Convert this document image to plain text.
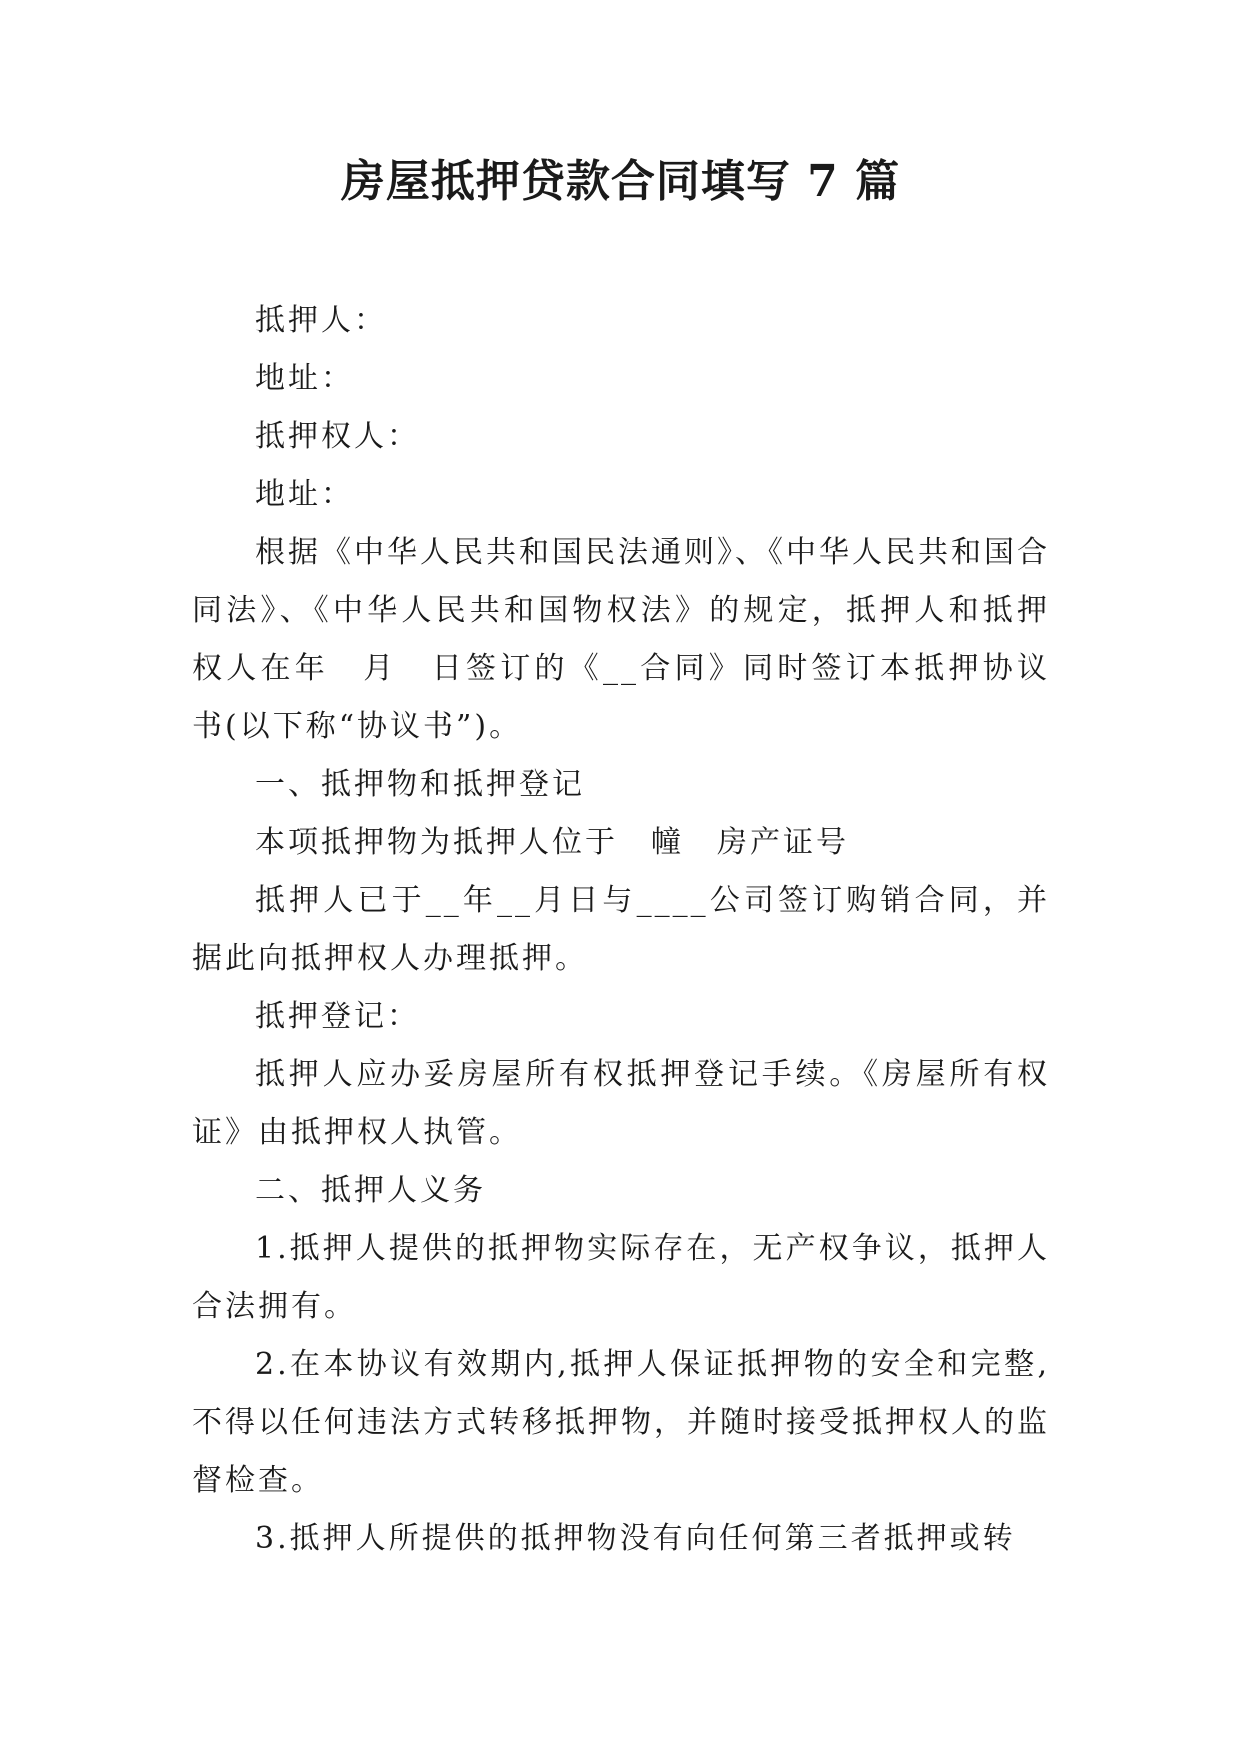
房屋抵押贷款合同填写 7 篇

抵押人：

地址：

抵押权人：

地址：

根据《中华人民共和国民法通则》、《中华人民共和国合同法》、《中华人民共和国物权法》的规定，抵押人和抵押权人在年　月　日签订的《__合同》同时签订本抵押协议书(以下称“协议书”)。

一、抵押物和抵押登记

本项抵押物为抵押人位于　幢　房产证号

抵押人已于__年__月日与____公司签订购销合同，并据此向抵押权人办理抵押。

抵押登记：

抵押人应办妥房屋所有权抵押登记手续。《房屋所有权证》由抵押权人执管。

二、抵押人义务

1.抵押人提供的抵押物实际存在，无产权争议，抵押人合法拥有。

2.在本协议有效期内,抵押人保证抵押物的安全和完整,不得以任何违法方式转移抵押物，并随时接受抵押权人的监督检查。

3.抵押人所提供的抵押物没有向任何第三者抵押或转
